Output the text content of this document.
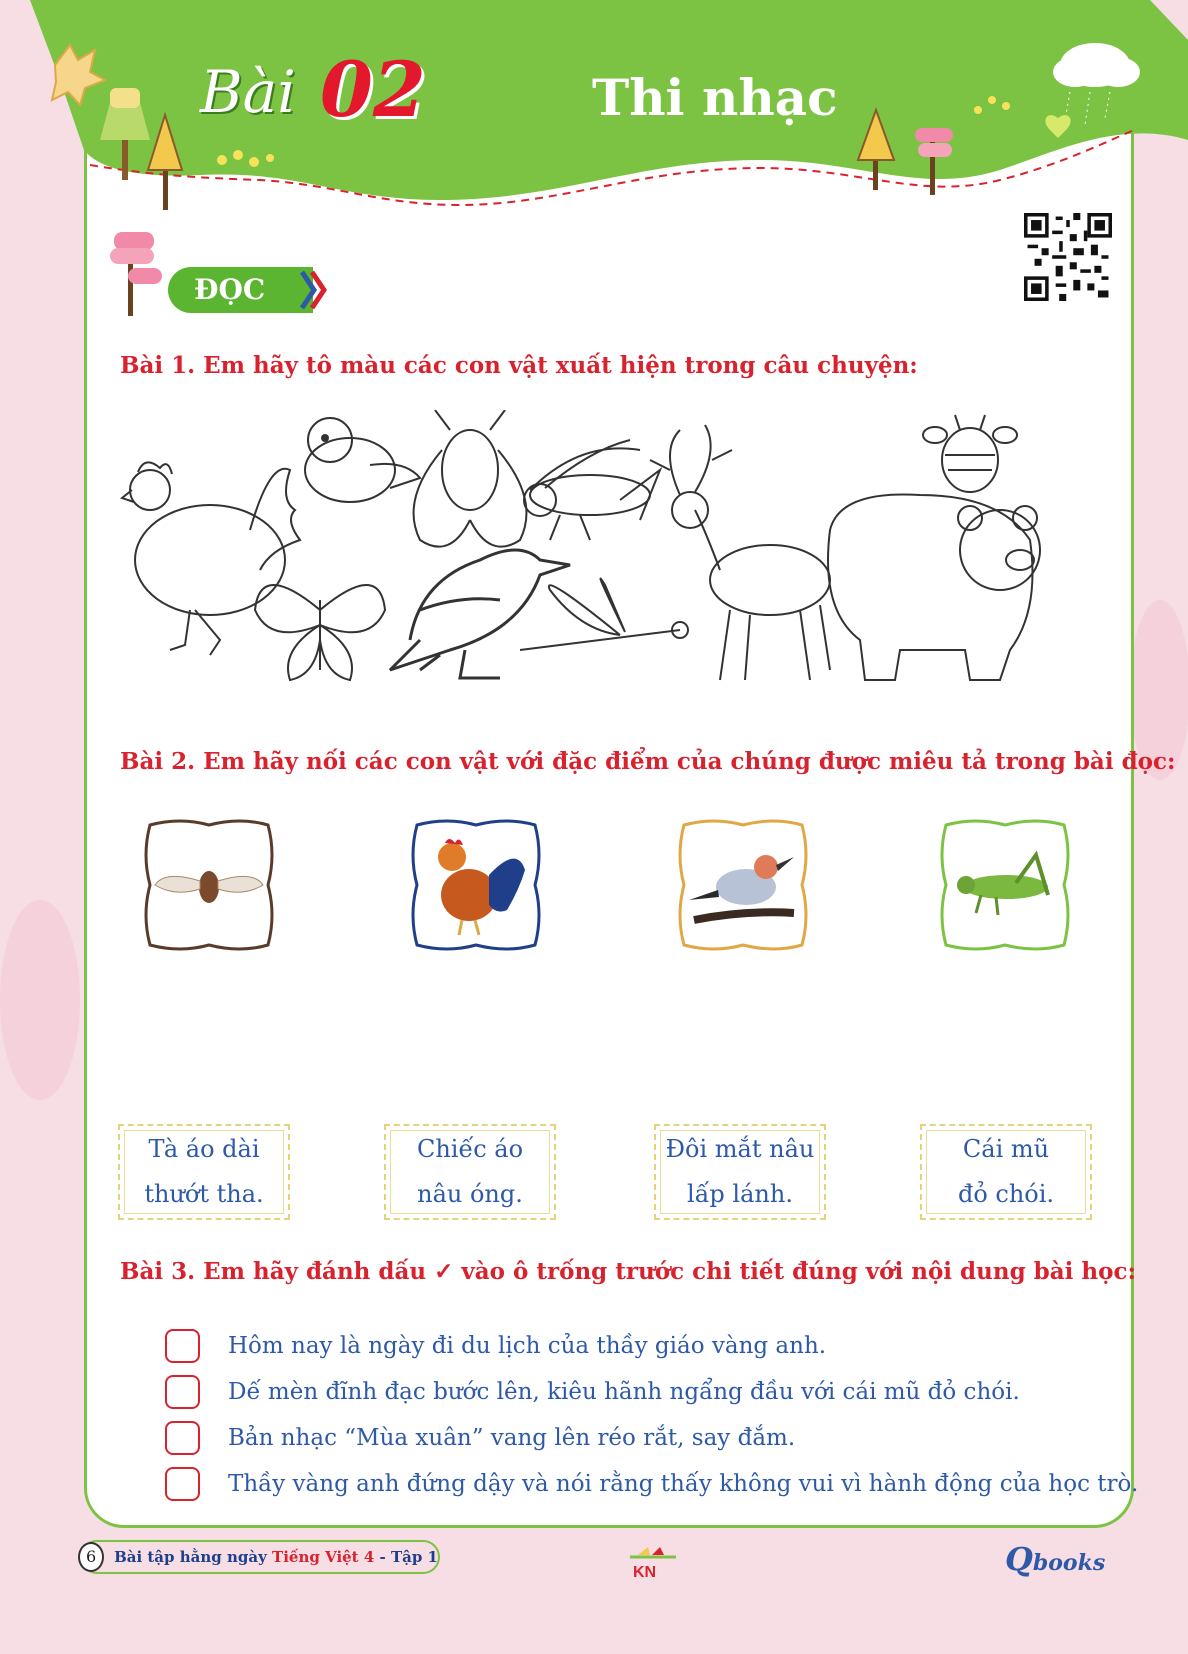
Bài 02	Thi nhạc
ĐỌC
Bài 1. Em hãy tô màu các con vật xuất hiện trong câu chuyện:
Bài 2. Em hãy nối các con vật với đặc điểm của chúng được miêu tả trong bài đọc:
Tà áo dài
thướt tha.
Chiếc áo
nâu óng.
Đôi mắt nâu
lấp lánh.
Cái mũ
đỏ chói.
Bài 3. Em hãy đánh dấu ✓ vào ô trống trước chi tiết đúng với nội dung bài học:
Hôm nay là ngày đi du lịch của thầy giáo vàng anh.
Dế mèn đĩnh đạc bước lên, kiêu hãnh ngẩng đầu với cái mũ đỏ chói.
Bản nhạc “Mùa xuân” vang lên réo rắt, say đắm.
Thầy vàng anh đứng dậy và nói rằng thấy không vui vì hành động của học trò.
6	Bài tập hằng ngày Tiếng Việt 4 - Tập 1
KN	Qbooks
